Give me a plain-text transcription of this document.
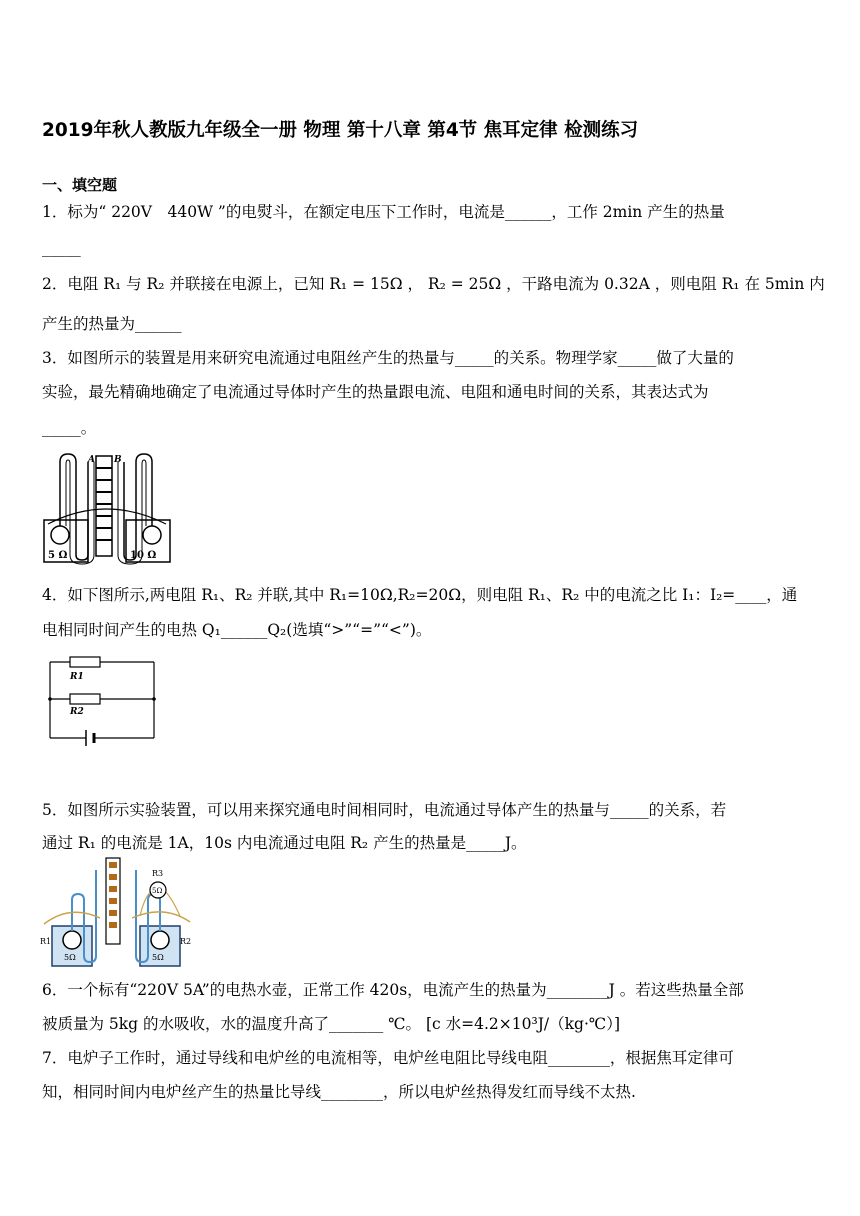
2019年秋人教版九年级全一册 物理 第十八章 第4节 焦耳定律 检测练习
一、填空题
1．标为“ 220V　440W ”的电熨斗，在额定电压下工作时，电流是______，工作 2min 产生的热量
_____
2．电阻 R₁ 与 R₂ 并联接在电源上，已知 R₁ = 15Ω ， R₂ = 25Ω ，干路电流为 0.32A ，则电阻 R₁ 在 5min 内
产生的热量为______
3．如图所示的装置是用来研究电流通过电阻丝产生的热量与_____的关系。物理学家_____做了大量的
实验，最先精确地确定了电流通过导体时产生的热量跟电流、电阻和通电时间的关系，其表达式为
_____。
A B
5 Ω	10 Ω
4．如下图所示,两电阻 R₁、R₂ 并联,其中 R₁=10Ω,R₂=20Ω，则电阻 R₁、R₂ 中的电流之比 I₁：I₂=____，通
电相同时间产生的电热 Q₁______Q₂(选填“>”“=”“<”)。
R1
R2
5．如图所示实验装置，可以用来探究通电时间相同时，电流通过导体产生的热量与_____的关系，若
通过 R₁ 的电流是 1A，10s 内电流通过电阻 R₂ 产生的热量是_____J。
R3
5Ω
R1	R2
5Ω	5Ω
6．一个标有“220V 5A”的电热水壶，正常工作 420s，电流产生的热量为________J 。若这些热量全部
被质量为 5kg 的水吸收，水的温度升高了_______ ℃。 [c 水=4.2×10³J/（kg·℃）]
7．电炉子工作时，通过导线和电炉丝的电流相等，电炉丝电阻比导线电阻________，根据焦耳定律可
知，相同时间内电炉丝产生的热量比导线________，所以电炉丝热得发红而导线不太热.
